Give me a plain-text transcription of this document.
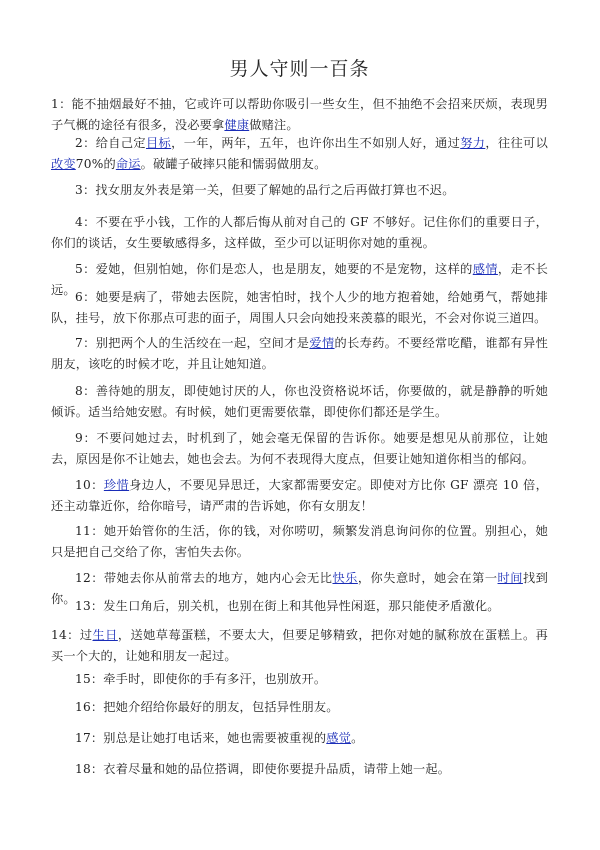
男人守则一百条
1：能不抽烟最好不抽，它或许可以帮助你吸引一些女生，但不抽绝不会招来厌烦，表现男子气概的途径有很多，没必要拿健康做赌注。
2：给自己定目标，一年，两年，五年，也许你出生不如别人好，通过努力，往往可以改变70%的命运。破罐子破摔只能和懦弱做朋友。
3：找女朋友外表是第一关，但要了解她的品行之后再做打算也不迟。
4：不要在乎小钱，工作的人都后悔从前对自己的 GF 不够好。记住你们的重要日子，你们的谈话，女生要敏感得多，这样做，至少可以证明你对她的重视。
5：爱她，但别怕她，你们是恋人，也是朋友，她要的不是宠物，这样的感情，走不长远。 6：她要是病了，带她去医院，她害怕时，找个人少的地方抱着她，给她勇气，帮她排队，挂号，放下你那点可悲的面子，周围人只会向她投来羡慕的眼光，不会对你说三道四。
7：别把两个人的生活绞在一起，空间才是爱情的长寿药。不要经常吃醋，谁都有异性朋友，该吃的时候才吃，并且让她知道。
8：善待她的朋友，即使她讨厌的人，你也没资格说坏话，你要做的，就是静静的听她倾诉。适当给她安慰。有时候，她们更需要依靠，即使你们都还是学生。
9：不要问她过去，时机到了，她会毫无保留的告诉你。她要是想见从前那位，让她去，原因是你不让她去，她也会去。为何不表现得大度点，但要让她知道你相当的郁闷。
10：珍惜身边人，不要见异思迁，大家都需要安定。即使对方比你 GF 漂亮 10 倍，还主动靠近你，给你暗号，请严肃的告诉她，你有女朋友！
11：她开始管你的生活，你的钱，对你唠叨，频繁发消息询问你的位置。别担心，她只是把自己交给了你，害怕失去你。
12：带她去你从前常去的地方，她内心会无比快乐，你失意时，她会在第一时间找到你。 13：发生口角后，别关机，也别在街上和其他异性闲逛，那只能使矛盾激化。
14：过生日，送她草莓蛋糕，不要太大，但要足够精致，把你对她的腻称放在蛋糕上。再买一个大的，让她和朋友一起过。
15：牵手时，即使你的手有多汗，也别放开。
16：把她介绍给你最好的朋友，包括异性朋友。
17：别总是让她打电话来，她也需要被重视的感觉。
18：衣着尽量和她的品位搭调，即使你要提升品质，请带上她一起。
